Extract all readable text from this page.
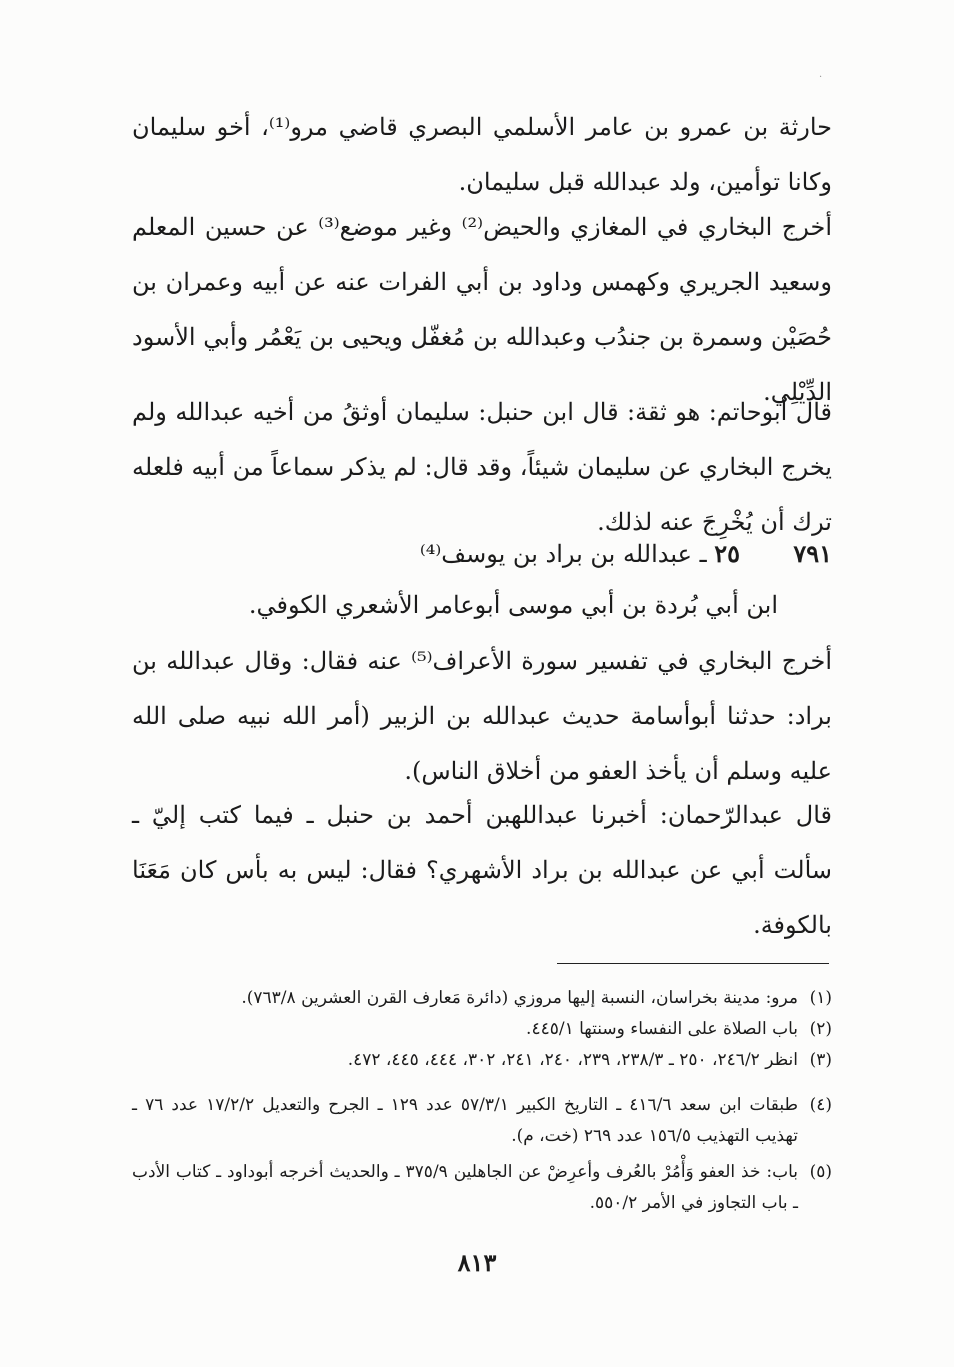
·

حارثة بن عمرو بن عامر الأسلمي البصري قاضي مرو⁽¹⁾، أخو سليمان وكانا توأمين، ولد عبدالله قبل سليمان.

أخرج البخاري في المغازي والحيض⁽²⁾ وغير موضع⁽³⁾ عن حسين المعلم وسعيد الجريري وكهمس وداود بن أبي الفرات عنه عن أبيه وعمران بن حُصَيْن وسمرة بن جندُب وعبدالله بن مُغفّل ويحيى بن يَعْمُر وأبي الأسود الدِّيْلِي.

قال أبوحاتم: هو ثقة: قال ابن حنبل: سليمان أوثقُ من أخيه عبدالله ولم يخرج البخاري عن سليمان شيئاً، وقد قال: لم يذكر سماعاً من أبيه فلعله ترك أن يُخْرِجَ عنه لذلك.

٧٩١  ٢٥ ـ عبدالله بن براد بن يوسف⁽⁴⁾

ابن أبي بُردة بن أبي موسى أبوعامر الأشعري الكوفي.

أخرج البخاري في تفسير سورة الأعراف⁽⁵⁾ عنه فقال: وقال عبدالله بن براد: حدثنا أبوأسامة حديث عبدالله بن الزبير (أمر الله نبيه صلى الله عليه وسلم أن يأخذ العفو من أخلاق الناس).

قال عبدالرّحمان: أخبرنا عبداللهبن أحمد بن حنبل ـ فيما كتب إليّ ـ سألت أبي عن عبدالله بن براد الأشهري؟ فقال: ليس به بأس كان مَعَنَا بالكوفة.

(١)
مرو: مدينة بخراسان، النسبة إليها مروزي (دائرة مَعارف القرن العشرين ٧٦٣/٨).
(٢)
باب الصلاة على النفساء وسنتها ٤٤٥/١.
(٣)
انظر ٢٤٦/٢، ٢٥٠ ـ ٢٣٨/٣، ٢٣٩، ٢٤٠، ٢٤١، ٣٠٢، ٤٤٤، ٤٤٥، ٤٧٢.
(٤)
طبقات ابن سعد ٤١٦/٦ ـ التاريخ الكبير ٥٧/٣/١ عدد ١٢٩ ـ الجرح والتعديل ١٧/٢/٢ عدد ٧٦ ـ تهذيب التهذيب ١٥٦/٥ عدد ٢٦٩ (خت، م).
(٥)
باب: خذ العفو وَأْمُرْ بالعُرف وأعرِضْ عن الجاهلين ٣٧٥/٩ ـ والحديث أخرجه أبوداود ـ كتاب الأدب ـ باب التجاوز في الأمر ٥٥٠/٢.
٨١٣
